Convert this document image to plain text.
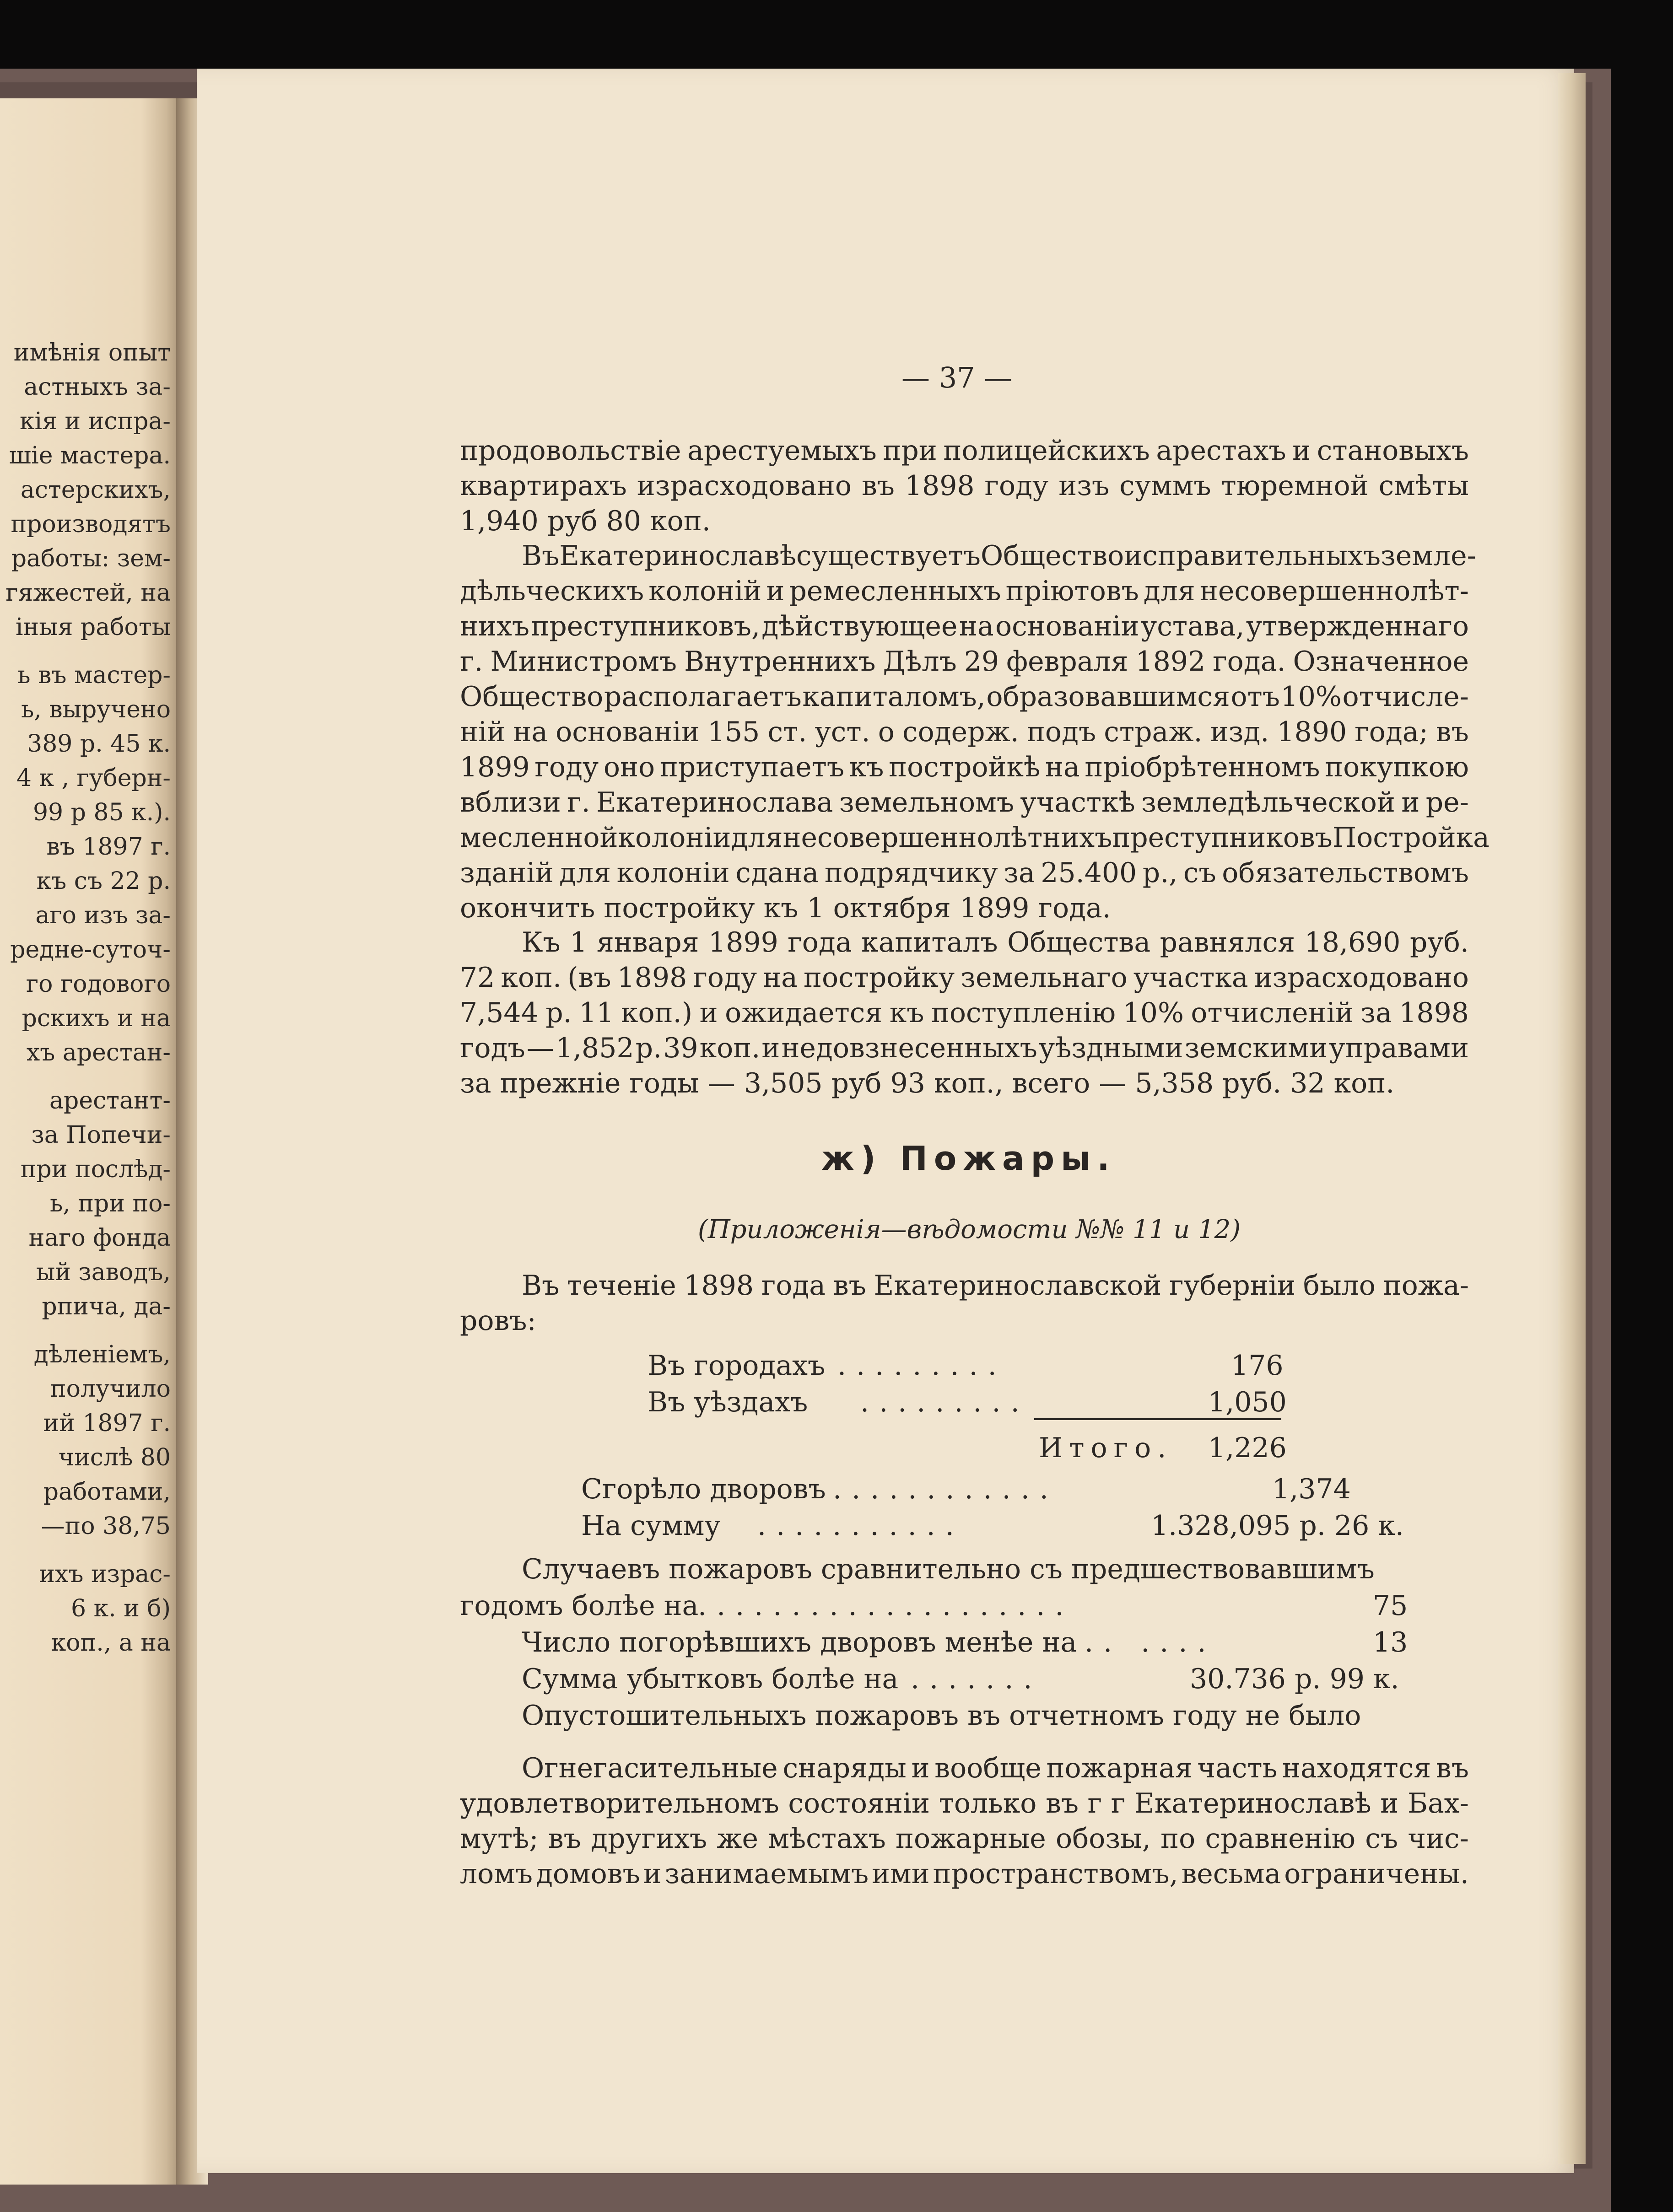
имѣнія опыт
астныхъ за-
кія и испра-
шіе мастера.
астерскихъ,
производятъ
работы: зем-
гяжестей, на
іныя работы
ь въ мастер-
ь, выручено
389 р. 45 к.
4 к , губерн-
99 р 85 к.).
въ 1897 г.
къ съ 22 р.
аго изъ за-
редне-суточ-
го годового
рскихъ и на
хъ арестан-
арестант-
за Попечи-
при послѣд-
ь, при по-
наго фонда
ый заводъ,
рпича, да-
дѣленіемъ,
получило
ий 1897 г.
числѣ 80
работами,
—по 38,75
ихъ израс-
6 к. и б)
коп., а на
— 37 —
продовольствіе арестуемыхъ при полицейскихъ арестахъ и становыхъ
квартирахъ израсходовано въ 1898 году изъ суммъ тюремной смѣты
1,940 руб 80 коп.
Въ Екатеринославѣ существуетъ Общество исправительныхъ земле-
дѣльческихъ колоній и ремесленныхъ пріютовъ для несовершеннолѣт-
нихъ преступниковъ, дѣйствующее на основаніи устава, утвержденнаго
г. Министромъ Внутреннихъ Дѣлъ 29 февраля 1892 года. Означенное
Общество располагаетъ капиталомъ, образовавшимся отъ 10% отчисле-
ній на основаніи 155 ст. уст. о содерж. подъ страж. изд. 1890 года; въ
1899 году оно приступаетъ къ постройкѣ на пріобрѣтенномъ покупкою
вблизи г. Екатеринослава земельномъ участкѣ земледѣльческой и ре-
месленной колоніи для несовершеннолѣтнихъ преступниковъ Постройка
зданій для колоніи сдана подрядчику за 25.400 р., съ обязательствомъ
окончить постройку къ 1 октября 1899 года.
Къ 1 января 1899 года капиталъ Общества равнялся 18,690 руб.
72 коп. (въ 1898 году на постройку земельнаго участка израсходовано
7,544 р. 11 коп.) и ожидается къ поступленію 10% отчисленій за 1898
годъ — 1,852 р. 39 коп. и недовзнесенныхъ уѣздными земскими управами
за прежніе годы — 3,505 руб 93 коп., всего — 5,358 руб. 32 коп.
ж) Пожары.
(Приложенія—вѣдомости №№ 11 и 12)
Въ теченіе 1898 года въ Екатеринославской губерніи было пожа-
ровъ:
Въ городахъ .........	176
Въ уѣздахъ .........	1,050
Итого. 1,226
Сгорѣло дворовъ ............	1,374
На сумму ...........	1.328,095 р. 26 к.
Случаевъ пожаровъ сравнительно съ предшествовавшимъ
годомъ болѣе на
....................	75
Число погорѣвшихъ дворовъ менѣе на .. ....	13
Сумма убытковъ болѣе на .......	30.736 р. 99 к.
Опустошительныхъ пожаровъ въ отчетномъ году не было
Огнегасительные снаряды и вообще пожарная часть находятся въ
удовлетворительномъ состояніи только въ г г Екатеринославѣ и Бах-
мутѣ; въ другихъ же мѣстахъ пожарные обозы, по сравненію съ чис-
ломъ домовъ и занимаемымъ ими пространствомъ, весьма ограничены.
